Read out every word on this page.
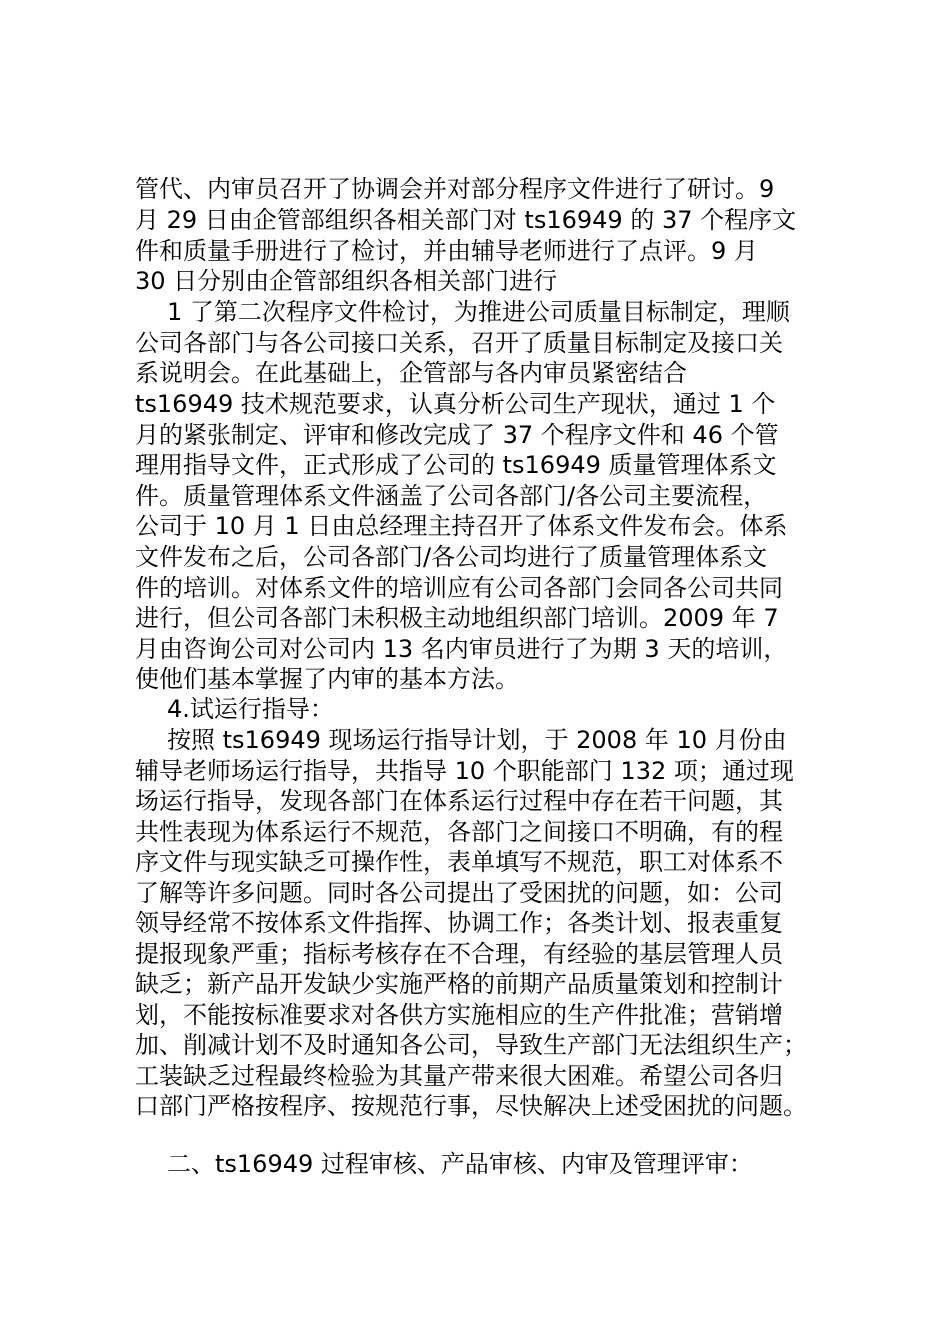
管代、内审员召开了协调会并对部分程序文件进行了研讨。9

月 29 日由企管部组织各相关部门对 ts16949 的 37 个程序文

件和质量手册进行了检讨，并由辅导老师进行了点评。9 月

30 日分别由企管部组织各相关部门进行

1 了第二次程序文件检讨，为推进公司质量目标制定，理顺

公司各部门与各公司接口关系，召开了质量目标制定及接口关

系说明会。在此基础上，企管部与各内审员紧密结合

ts16949 技术规范要求，认真分析公司生产现状，通过 1 个

月的紧张制定、评审和修改完成了 37 个程序文件和 46 个管

理用指导文件，正式形成了公司的 ts16949 质量管理体系文

件。质量管理体系文件涵盖了公司各部门/各公司主要流程，

公司于 10 月 1 日由总经理主持召开了体系文件发布会。体系

文件发布之后，公司各部门/各公司均进行了质量管理体系文

件的培训。对体系文件的培训应有公司各部门会同各公司共同

进行，但公司各部门未积极主动地组织部门培训。2009 年 7

月由咨询公司对公司内 13 名内审员进行了为期 3 天的培训，

使他们基本掌握了内审的基本方法。

4.试运行指导：

按照 ts16949 现场运行指导计划，于 2008 年 10 月份由

辅导老师场运行指导，共指导 10 个职能部门 132 项；通过现

场运行指导，发现各部门在体系运行过程中存在若干问题，其

共性表现为体系运行不规范，各部门之间接口不明确，有的程

序文件与现实缺乏可操作性，表单填写不规范，职工对体系不

了解等许多问题。同时各公司提出了受困扰的问题，如：公司

领导经常不按体系文件指挥、协调工作；各类计划、报表重复

提报现象严重；指标考核存在不合理，有经验的基层管理人员

缺乏；新产品开发缺少实施严格的前期产品质量策划和控制计

划，不能按标准要求对各供方实施相应的生产件批准；营销增

加、削减计划不及时通知各公司，导致生产部门无法组织生产；

工装缺乏过程最终检验为其量产带来很大困难。希望公司各归

口部门严格按程序、按规范行事，尽快解决上述受困扰的问题。

二、ts16949 过程审核、产品审核、内审及管理评审：
